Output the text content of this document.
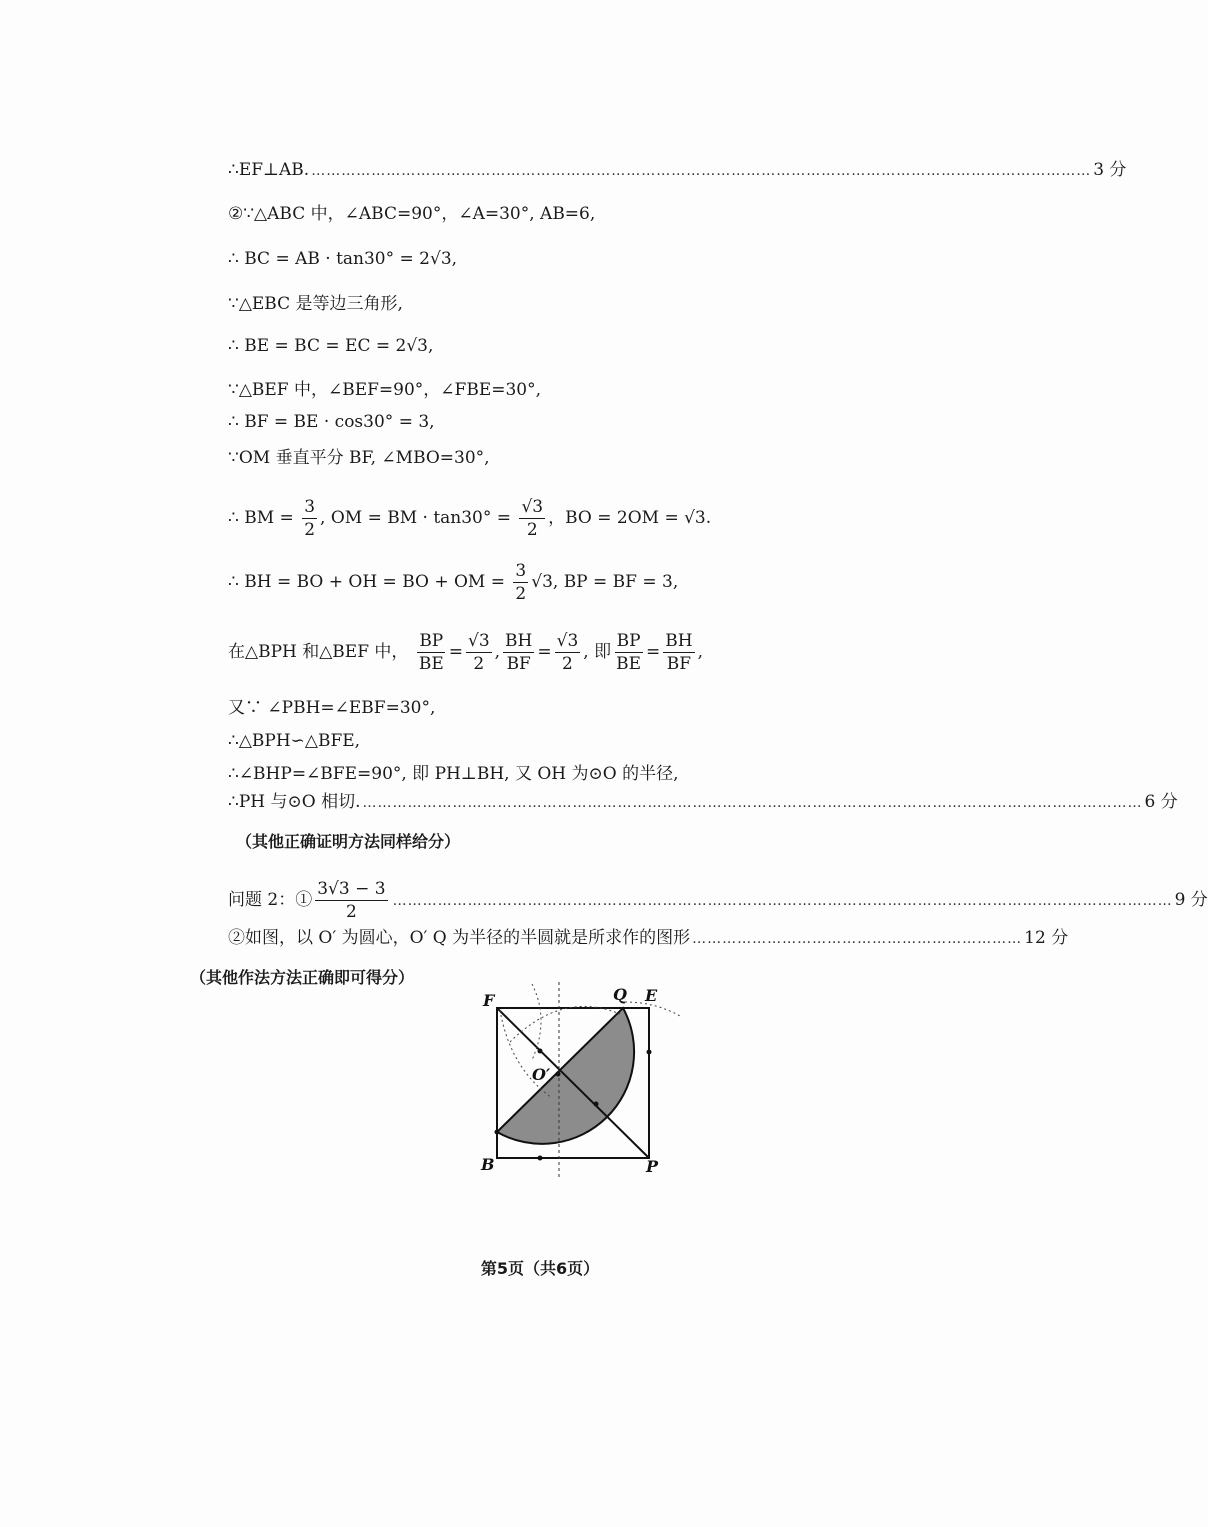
∴EF⊥AB. ………………………………………………………………………………………………………………………………………… 3 分
②∵△ABC 中，∠ABC=90°，∠A=30°, AB=6,
∴ BC = AB · tan30° = 2√3,
∵△EBC 是等边三角形,
∴ BE = BC = EC = 2√3,
∵△BEF 中，∠BEF=90°，∠FBE=30°,
∴ BF = BE · cos30° = 3,
∵OM 垂直平分 BF, ∠MBO=30°,
∴ BM = $\frac{3}{2}$ , OM = BM · $\tan 30^\circ = \frac{√3}{2}$ ，BO = 2OM = √3.
∴ BH = BO + OH = BO + OM = $\frac{3}{2} √3$, BP = BF = 3,
在△BPH 和△BEF 中， $\frac{BP}{BE} = \frac{√3}{2}$ , $\frac{BH}{BF} = \frac{√3}{2}$ , 即 $\frac{BP}{BE} = \frac{BH}{BF}$ ,
又∵ ∠PBH=∠EBF=30°,
∴△BPH∽△BFE,
∴∠BHP=∠BFE=90°, 即 PH⊥BH, 又 OH 为⊙O 的半径,
∴PH 与⊙O 相切. ………………………………………………………………………………………………………………………………………… 6 分
（其他正确证明方法同样给分）
问题 2：① $\frac{3√3 - 3}{2}$ ………………………………………………………………………………………………………………………………………… 9 分
②如图，以 O′ 为圆心，O′ Q 为半径的半圆就是所求作的图形 ………………………………………………………… 12 分
（其他作法方法正确即可得分）
F	Q E
O′
B	P
第5页（共6页）
